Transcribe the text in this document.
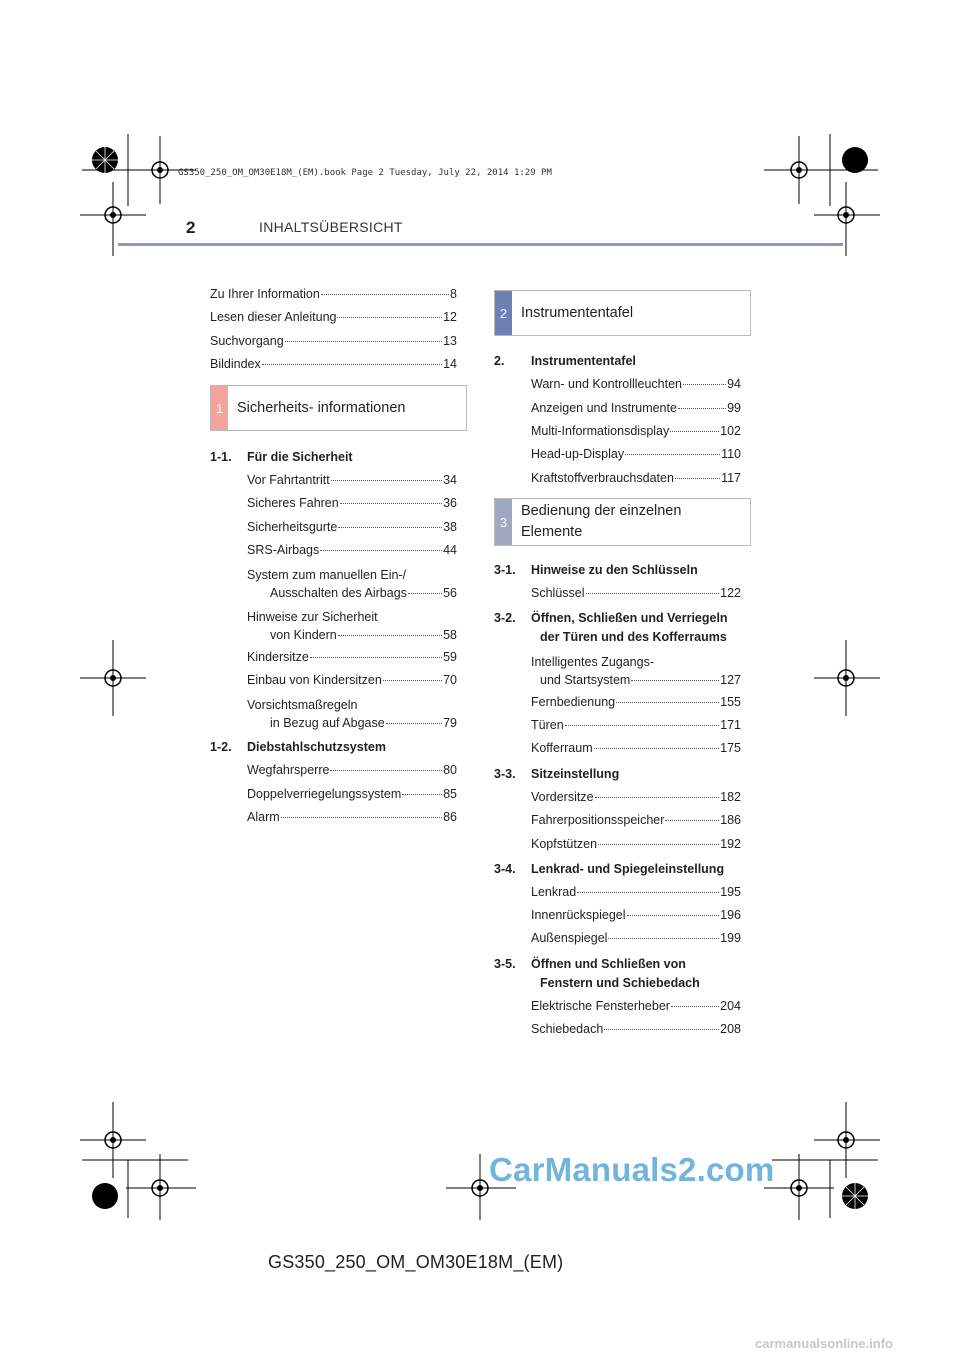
GS350_250_OM_OM30E18M_(EM).book Page 2 Tuesday, July 22, 2014 1:29 PM
2	INHALTSÜBERSICHT
Zu Ihrer Information	8
Lesen dieser Anleitung	12
Suchvorgang	13
Bildindex	14
1 Sicherheits- informationen
1-1. Für die Sicherheit
Vor Fahrtantritt	34
Sicheres Fahren	36
Sicherheitsgurte	38
SRS-Airbags	44
System zum manuellen Ein-/
Ausschalten des Airbags	56
Hinweise zur Sicherheit
von Kindern	58
Kindersitze	59
Einbau von Kindersitzen	70
Vorsichtsmaßregeln
in Bezug auf Abgase	79
1-2. Diebstahlschutzsystem
Wegfahrsperre	80
Doppelverriegelungssystem	85
Alarm	86
2 Instrumententafel
2. Instrumententafel
Warn- und Kontrollleuchten	94
Anzeigen und Instrumente	99
Multi-Informationsdisplay	102
Head-up-Display	110
Kraftstoffverbrauchsdaten	117
3
Bedienung der einzelnen
Elemente
3-1. Hinweise zu den Schlüsseln
Schlüssel	122
3-2. Öffnen, Schließen und Verriegeln
der Türen und des Kofferraums
Intelligentes Zugangs-
und Startsystem	127
Fernbedienung	155
Türen	171
Kofferraum	175
3-3. Sitzeinstellung
Vordersitze	182
Fahrerpositionsspeicher	186
Kopfstützen	192
3-4. Lenkrad- und Spiegeleinstellung
Lenkrad	195
Innenrückspiegel	196
Außenspiegel	199
3-5. Öffnen und Schließen von
Fenstern und Schiebedach
Elektrische Fensterheber	204
Schiebedach	208
CarManuals2.com
carmanualsonline.info
GS350_250_OM_OM30E18M_(EM)
